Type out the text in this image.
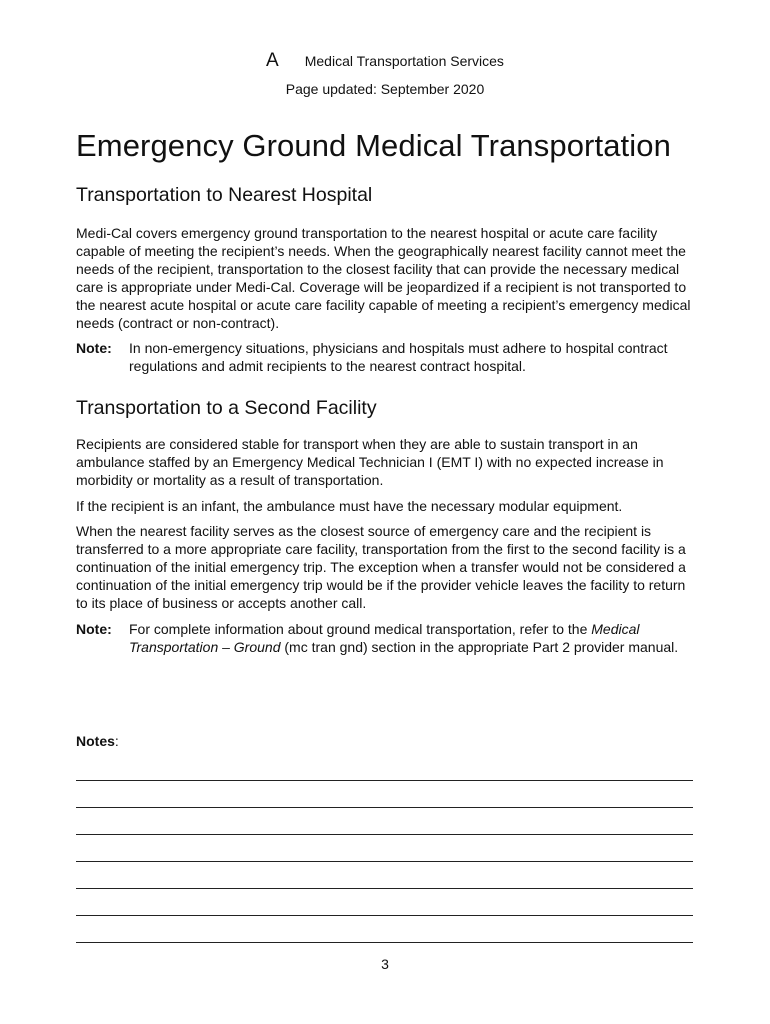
A Medical Transportation Services
Page updated: September 2020
Emergency Ground Medical Transportation
Transportation to Nearest Hospital

Medi-Cal covers emergency ground transportation to the nearest hospital or acute care facility capable of meeting the recipient’s needs. When the geographically nearest facility cannot meet the needs of the recipient, transportation to the closest facility that can provide the necessary medical care is appropriate under Medi-Cal. Coverage will be jeopardized if a recipient is not transported to the nearest acute hospital or acute care facility capable of meeting a recipient’s emergency medical needs (contract or non-contract).

Note: In non-emergency situations, physicians and hospitals must adhere to hospital contract regulations and admit recipients to the nearest contract hospital.
Transportation to a Second Facility

Recipients are considered stable for transport when they are able to sustain transport in an ambulance staffed by an Emergency Medical Technician I (EMT I) with no expected increase in morbidity or mortality as a result of transportation.

If the recipient is an infant, the ambulance must have the necessary modular equipment.

When the nearest facility serves as the closest source of emergency care and the recipient is transferred to a more appropriate care facility, transportation from the first to the second facility is a continuation of the initial emergency trip. The exception when a transfer would not be considered a continuation of the initial emergency trip would be if the provider vehicle leaves the facility to return to its place of business or accepts another call.

Note: For complete information about ground medical transportation, refer to the Medical Transportation – Ground (mc tran gnd) section in the appropriate Part 2 provider manual.
Notes:
3
